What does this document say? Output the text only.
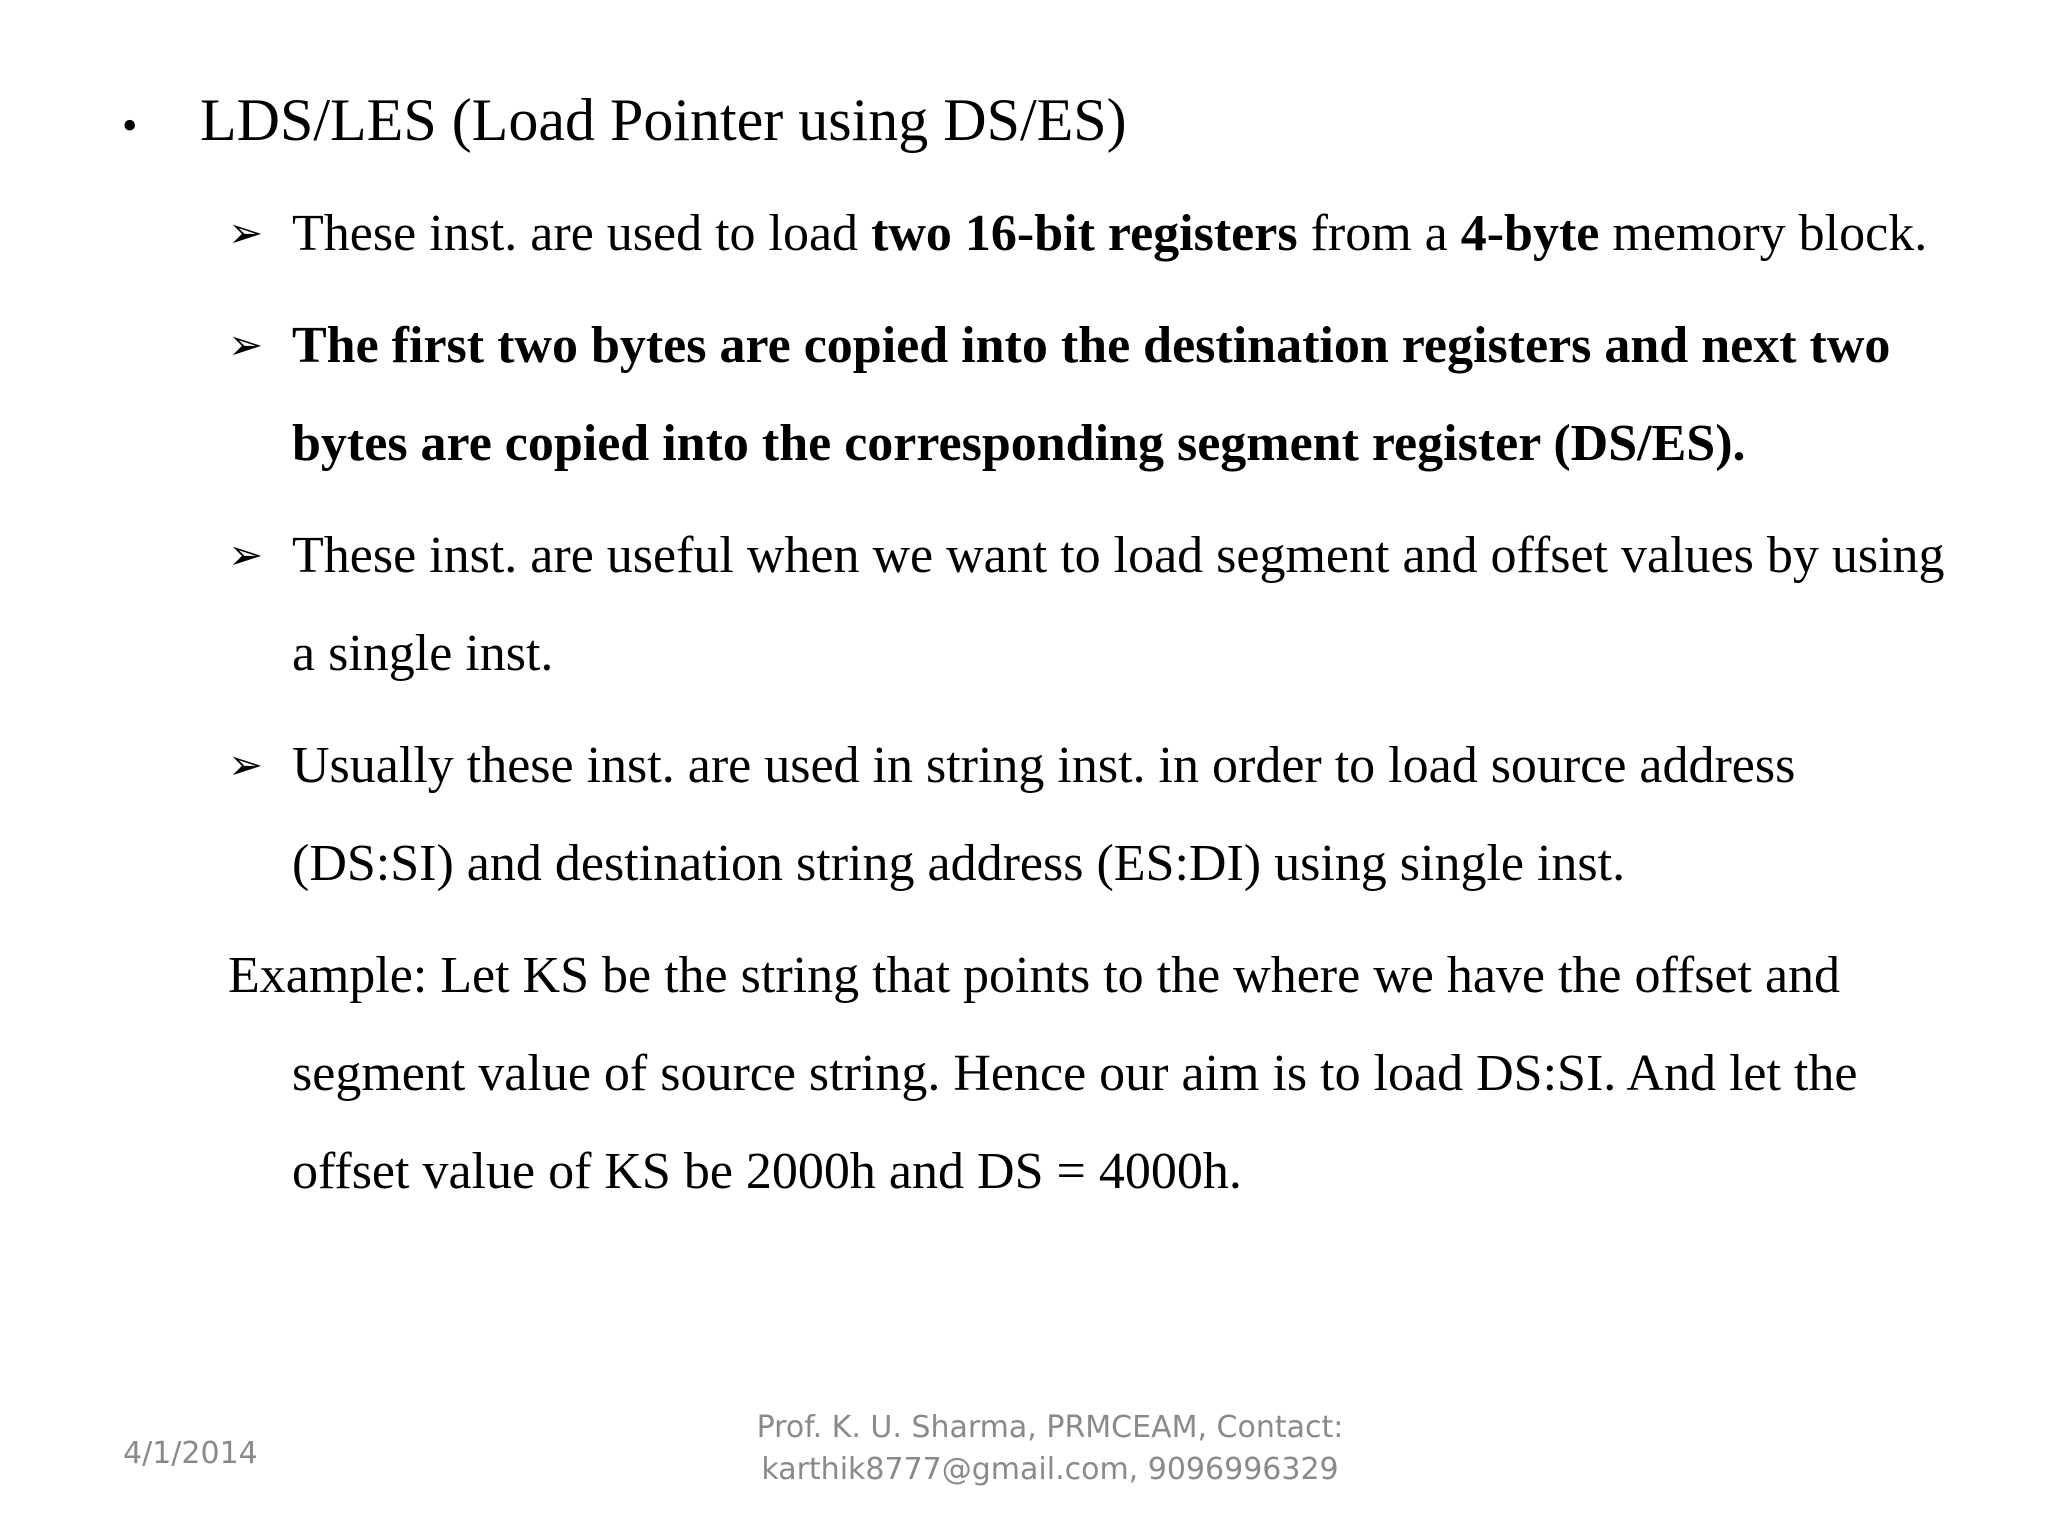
• LDS/LES (Load Pointer using DS/ES)
➢ These inst. are used to load two 16-bit registers from a 4-byte memory block.
➢ The first two bytes are copied into the destination registers and next two bytes are copied into the corresponding segment register (DS/ES).
➢ These inst. are useful when we want to load segment and offset values by using a single inst.
➢ Usually these inst. are used in string inst. in order to load source address (DS:SI) and destination string address (ES:DI) using single inst.
Example: Let KS be the string that points to the where we have the offset and segment value of source string. Hence our aim is to load DS:SI. And let the offset value of KS be 2000h and DS = 4000h.
4/1/2014
Prof. K. U. Sharma, PRMCEAM, Contact:
karthik8777@gmail.com, 9096996329
